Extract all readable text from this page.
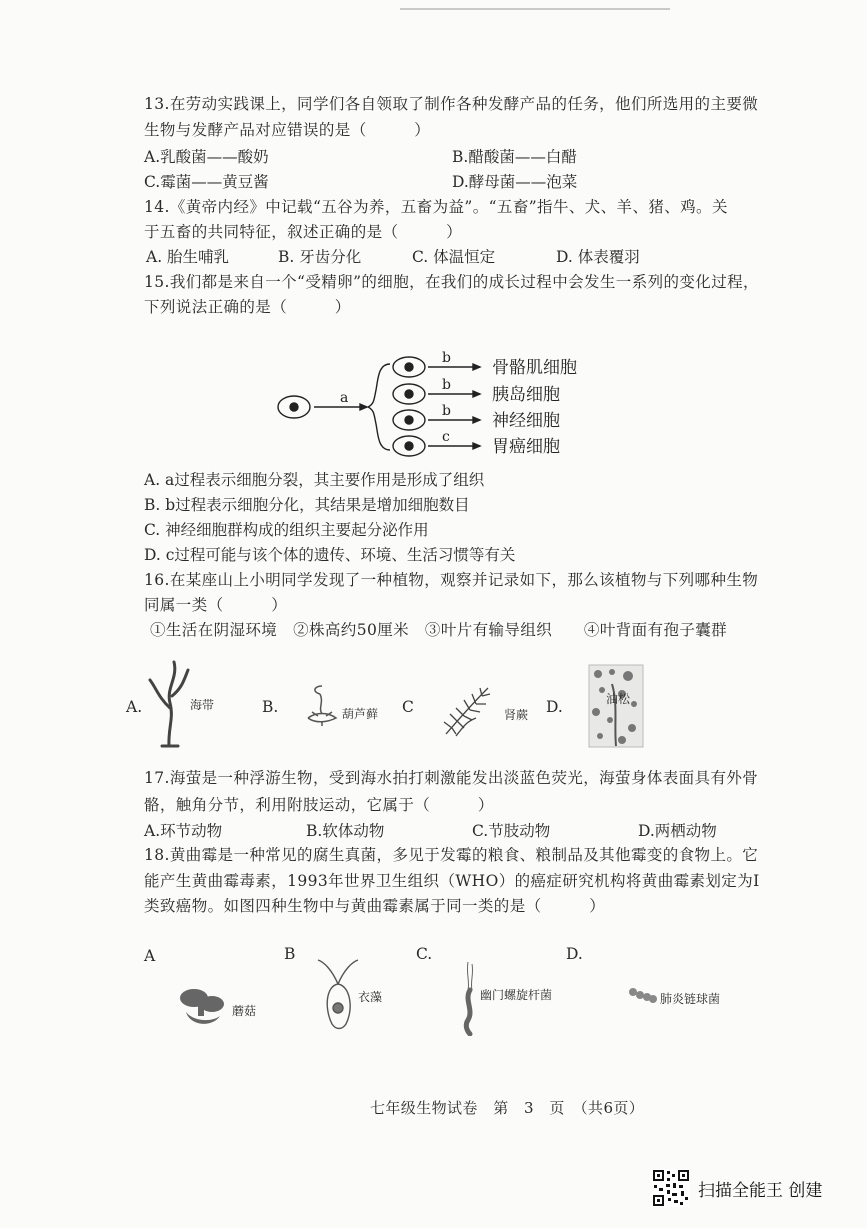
13.在劳动实践课上，同学们各自领取了制作各种发酵产品的任务，他们所选用的主要微
生物与发酵产品对应错误的是（　　　）
A.乳酸菌——酸奶	B.醋酸菌——白醋
C.霉菌——黄豆酱	D.酵母菌——泡菜
14.《黄帝内经》中记载“五谷为养，五畜为益”。“五畜”指牛、犬、羊、猪、鸡。关
于五畜的共同特征，叙述正确的是（　　　）
A. 胎生哺乳	B. 牙齿分化	C. 体温恒定	D. 体表覆羽
15.我们都是来自一个“受精卵”的细胞，在我们的成长过程中会发生一系列的变化过程，
下列说法正确的是（　　　）
a
b
b
b
c
骨骼肌细胞
胰岛细胞
神经细胞
胃癌细胞
A. a过程表示细胞分裂，其主要作用是形成了组织
B. b过程表示细胞分化，其结果是增加细胞数目
C. 神经细胞群构成的组织主要起分泌作用
D. c过程可能与该个体的遗传、环境、生活习惯等有关
16.在某座山上小明同学发现了一种植物，观察并记录如下，那么该植物与下列哪种生物
同属一类（　　　）
①生活在阴湿环境　②株高约50厘米　③叶片有输导组织　　④叶背面有孢子囊群
A.	海带	B.	葫芦藓 C	肾蕨 D.	油松
17.海萤是一种浮游生物，受到海水拍打刺激能发出淡蓝色荧光，海萤身体表面具有外骨
骼，触角分节，利用附肢运动，它属于（　　　）
A.环节动物	B.软体动物	C.节肢动物	D.两栖动物
18.黄曲霉是一种常见的腐生真菌，多见于发霉的粮食、粮制品及其他霉变的食物上。它
能产生黄曲霉毒素，1993年世界卫生组织（WHO）的癌症研究机构将黄曲霉素划定为Ⅰ
类致癌物。如图四种生物中与黄曲霉素属于同一类的是（　　　）
A
蘑菇
B
衣藻
C.
幽门螺旋杆菌
D.
肺炎链球菌
七年级生物试卷　第　3　页　（共6页）
扫描全能王 创建
